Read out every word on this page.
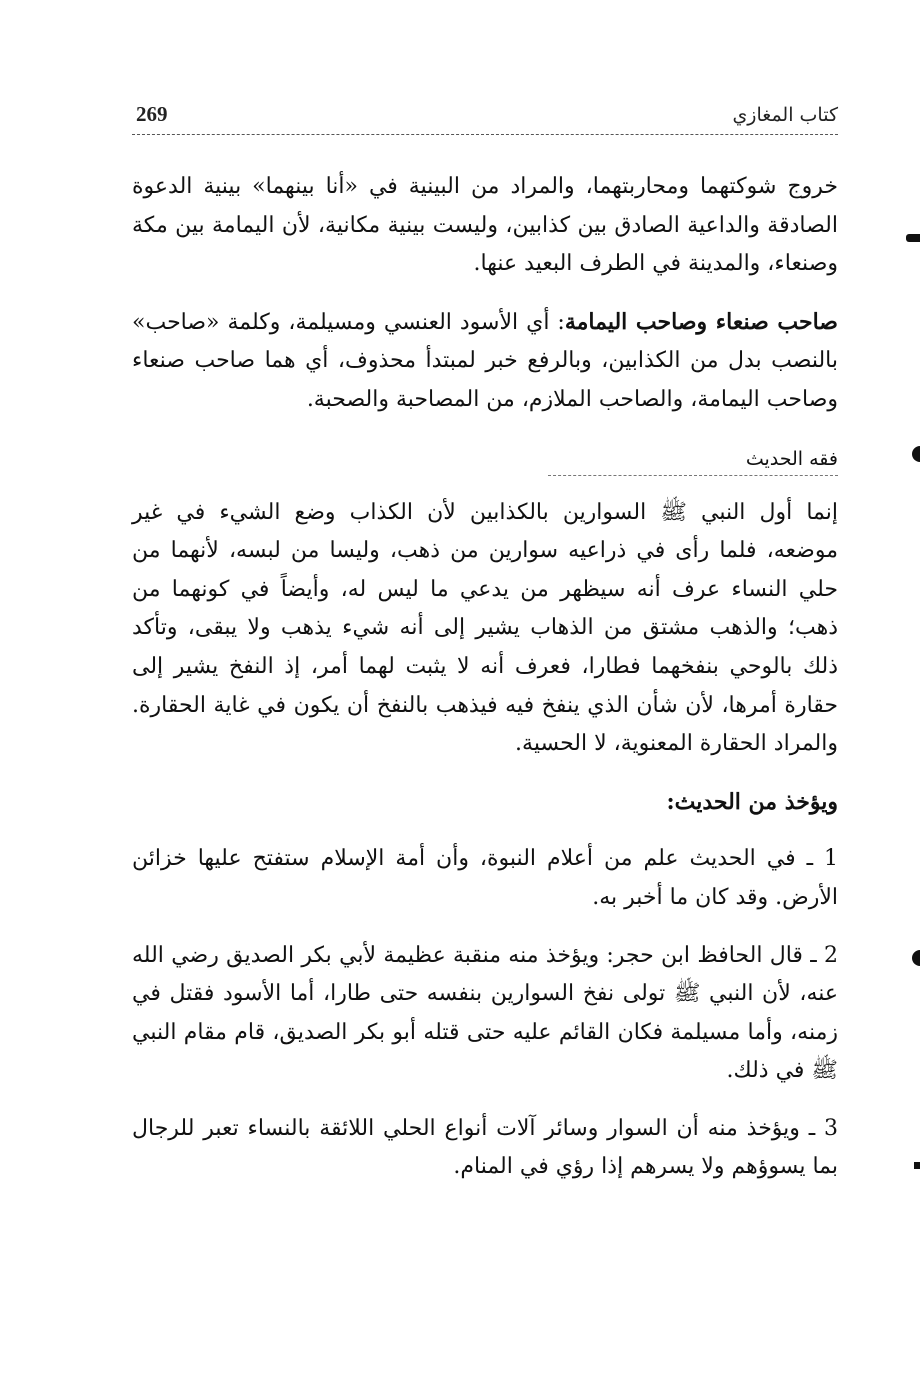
269	كتاب المغازي

خروج شوكتهما ومحاربتهما، والمراد من البينية في «أنا بينهما» بينية الدعوة الصادقة والداعية الصادق بين كذابين، وليست بينية مكانية، لأن اليمامة بين مكة وصنعاء، والمدينة في الطرف البعيد عنها.

صاحب صنعاء وصاحب اليمامة: أي الأسود العنسي ومسيلمة، وكلمة «صاحب» بالنصب بدل من الكذابين، وبالرفع خبر لمبتدأ محذوف، أي هما صاحب صنعاء وصاحب اليمامة، والصاحب الملازم، من المصاحبة والصحبة.

فقه الحديث

إنما أول النبي ﷺ السوارين بالكذابين لأن الكذاب وضع الشيء في غير موضعه، فلما رأى في ذراعيه سوارين من ذهب، وليسا من لبسه، لأنهما من حلي النساء عرف أنه سيظهر من يدعي ما ليس له، وأيضاً في كونهما من ذهب؛ والذهب مشتق من الذهاب يشير إلى أنه شيء يذهب ولا يبقى، وتأكد ذلك بالوحي بنفخهما فطارا، فعرف أنه لا يثبت لهما أمر، إذ النفخ يشير إلى حقارة أمرها، لأن شأن الذي ينفخ فيه فيذهب بالنفخ أن يكون في غاية الحقارة. والمراد الحقارة المعنوية، لا الحسية.

ويؤخذ من الحديث:

1 ـ في الحديث علم من أعلام النبوة، وأن أمة الإسلام ستفتح عليها خزائن الأرض. وقد كان ما أخبر به.

2 ـ قال الحافظ ابن حجر: ويؤخذ منه منقبة عظيمة لأبي بكر الصديق رضي الله عنه، لأن النبي ﷺ تولى نفخ السوارين بنفسه حتى طارا، أما الأسود فقتل في زمنه، وأما مسيلمة فكان القائم عليه حتى قتله أبو بكر الصديق، قام مقام النبي ﷺ في ذلك.

3 ـ ويؤخذ منه أن السوار وسائر آلات أنواع الحلي اللائقة بالنساء تعبر للرجال بما يسوؤهم ولا يسرهم إذا رؤي في المنام.
